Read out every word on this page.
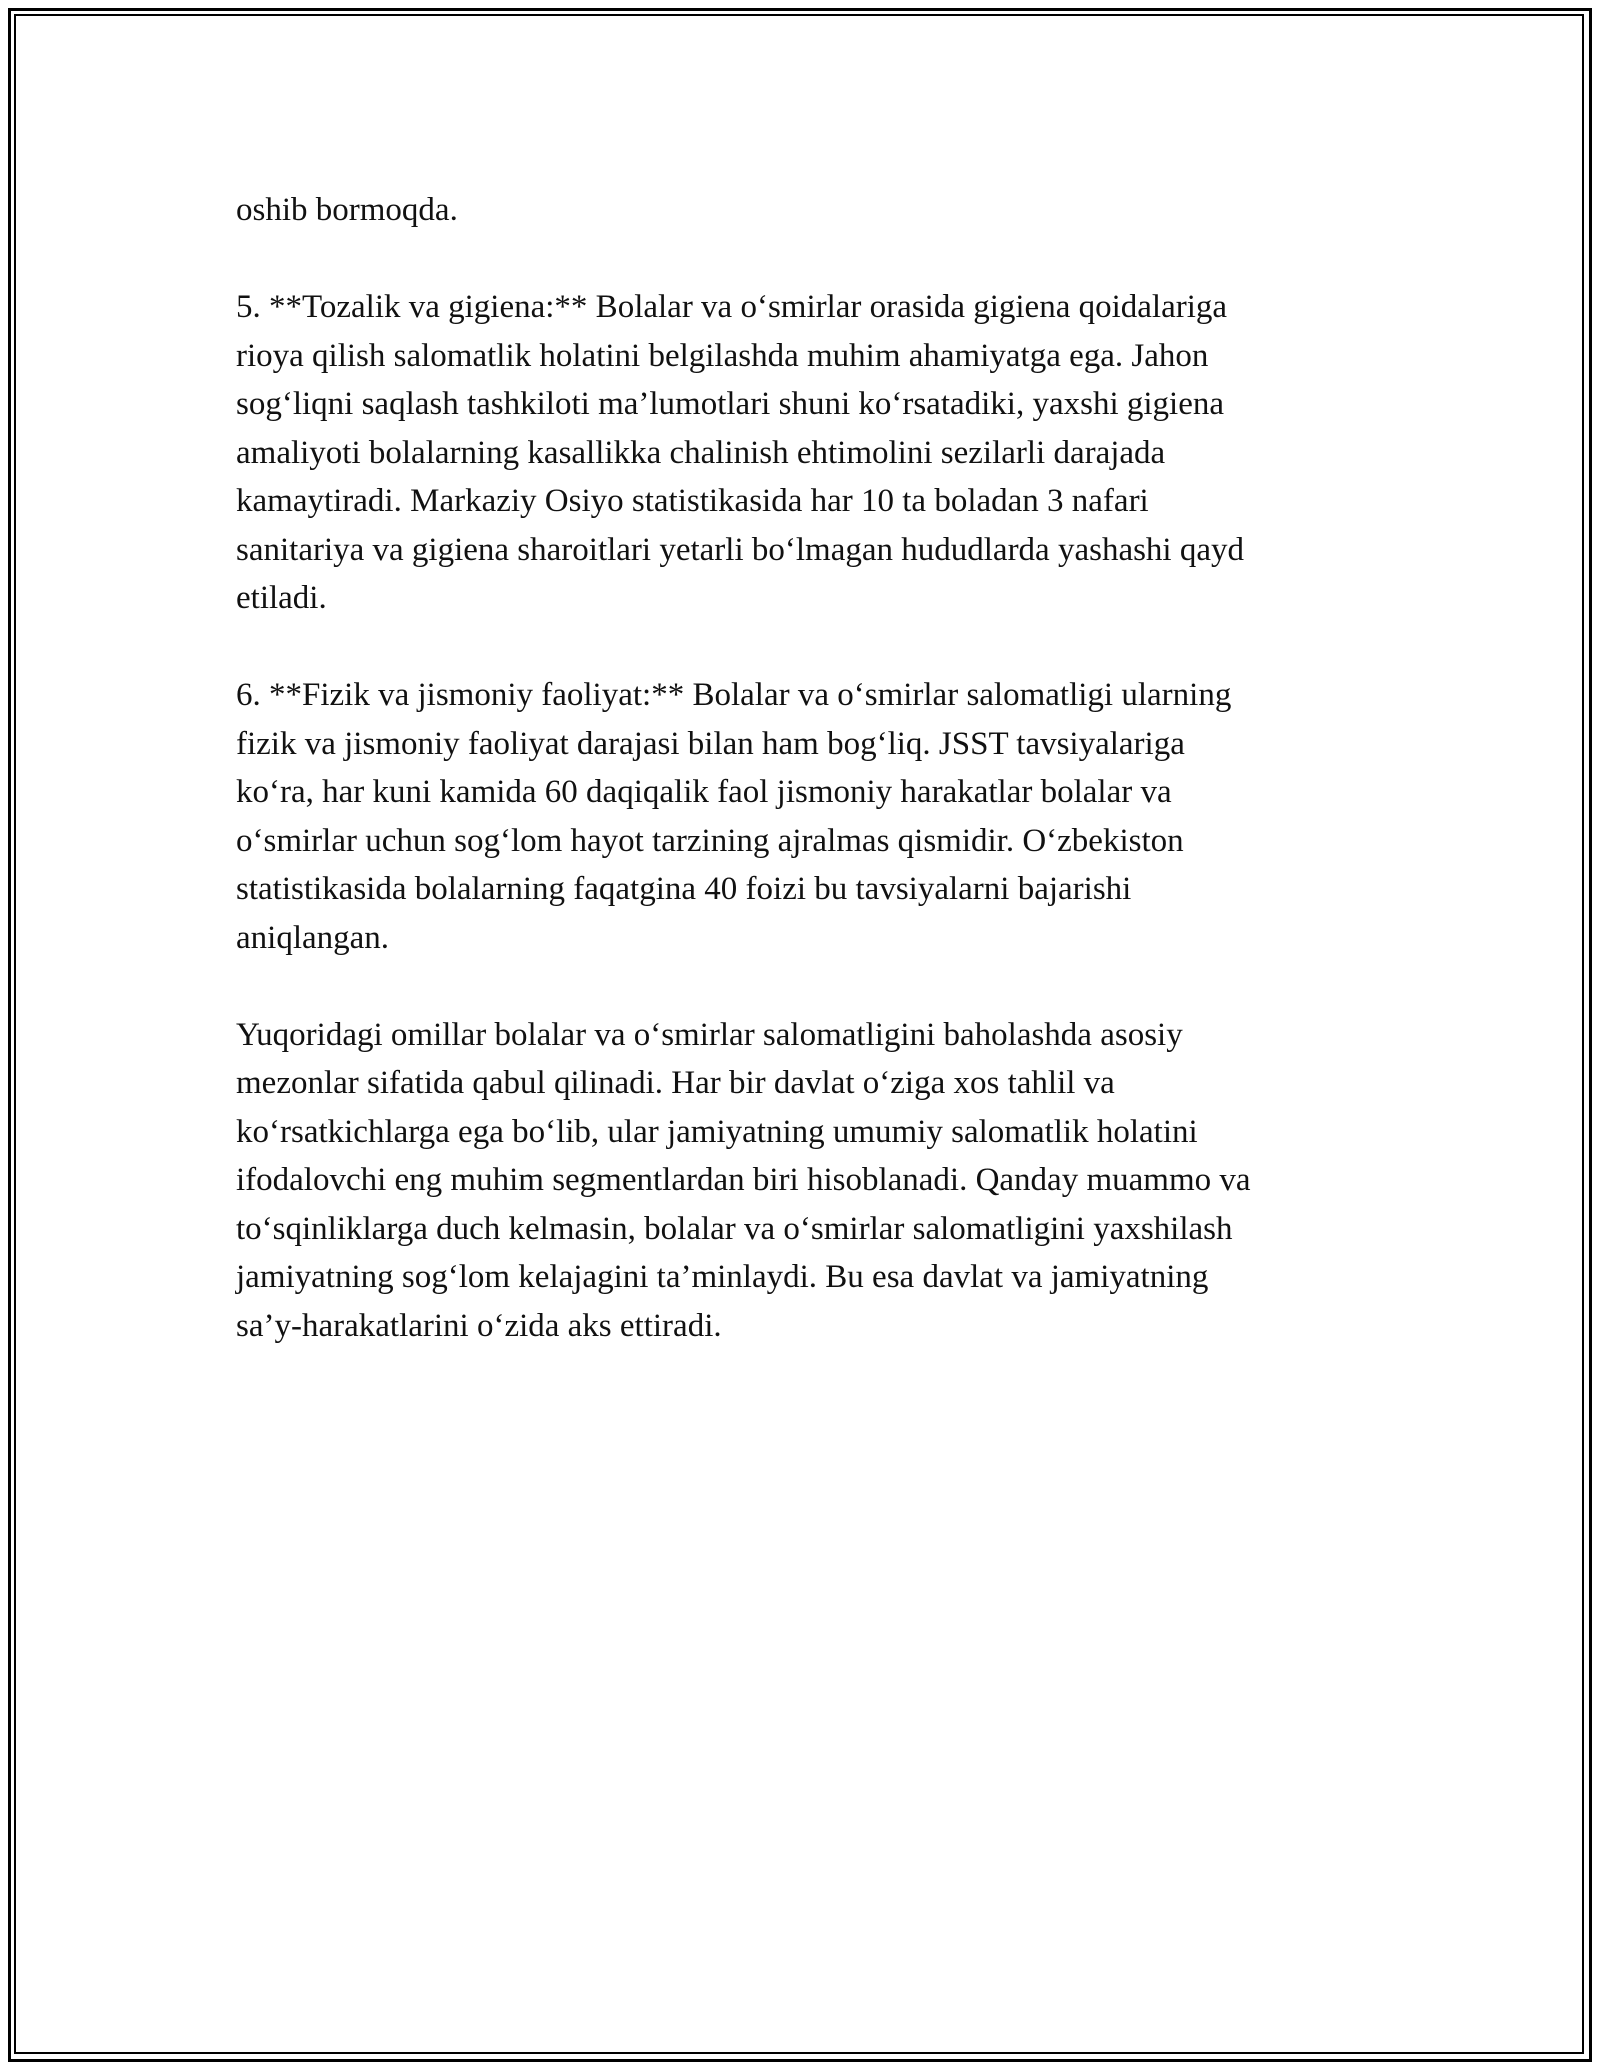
oshib bormoqda.

5. **Tozalik va gigiena:** Bolalar va o‘smirlar orasida gigiena qoidalariga
rioya qilish salomatlik holatini belgilashda muhim ahamiyatga ega. Jahon
sog‘liqni saqlash tashkiloti ma’lumotlari shuni ko‘rsatadiki, yaxshi gigiena
amaliyoti bolalarning kasallikka chalinish ehtimolini sezilarli darajada
kamaytiradi. Markaziy Osiyo statistikasida har 10 ta boladan 3 nafari
sanitariya va gigiena sharoitlari yetarli bo‘lmagan hududlarda yashashi qayd
etiladi.

6. **Fizik va jismoniy faoliyat:** Bolalar va o‘smirlar salomatligi ularning
fizik va jismoniy faoliyat darajasi bilan ham bog‘liq. JSST tavsiyalariga
ko‘ra, har kuni kamida 60 daqiqalik faol jismoniy harakatlar bolalar va
o‘smirlar uchun sog‘lom hayot tarzining ajralmas qismidir. O‘zbekiston
statistikasida bolalarning faqatgina 40 foizi bu tavsiyalarni bajarishi
aniqlangan.

Yuqoridagi omillar bolalar va o‘smirlar salomatligini baholashda asosiy
mezonlar sifatida qabul qilinadi. Har bir davlat o‘ziga xos tahlil va
ko‘rsatkichlarga ega bo‘lib, ular jamiyatning umumiy salomatlik holatini
ifodalovchi eng muhim segmentlardan biri hisoblanadi. Qanday muammo va
to‘sqinliklarga duch kelmasin, bolalar va o‘smirlar salomatligini yaxshilash
jamiyatning sog‘lom kelajagini ta’minlaydi. Bu esa davlat va jamiyatning
sa’y-harakatlarini o‘zida aks ettiradi.
